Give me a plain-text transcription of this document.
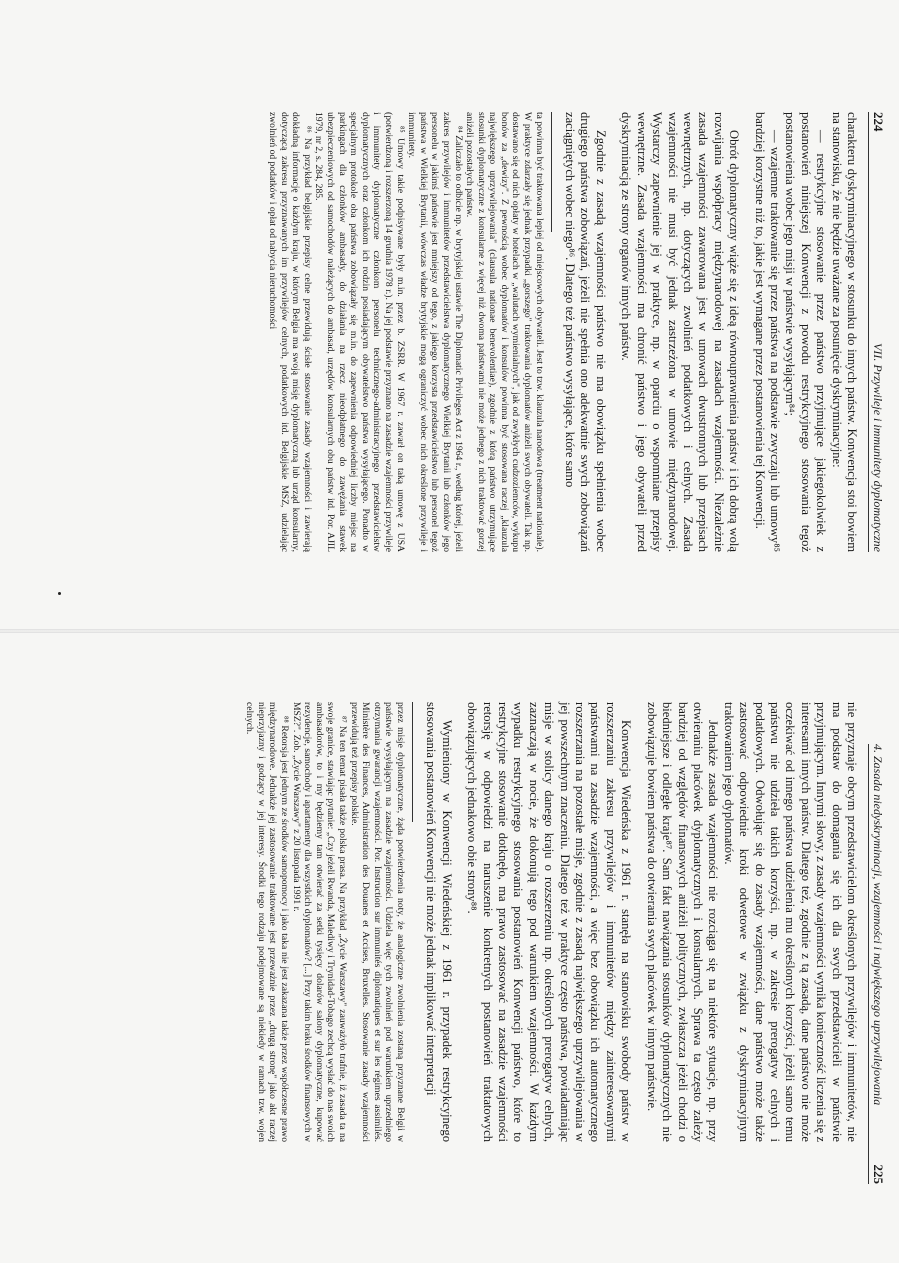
224
VII. Przywileje i immunitety dyplomatyczne

charakteru dyskryminacyjnego w stosunku do innych państw. Konwencja stoi bowiem na stanowisku, że nie będzie uważane za posunięcie dyskryminacyjne:

— restrykcyjne stosowanie przez państwo przyjmujące jakiegokolwiek z postanowień niniejszej Konwencji z powodu restrykcyjnego stosowania tegoż postanowienia wobec jego misji w państwie wysyłającym⁸⁴;

— wzajemne traktowanie się przez państwa na podstawie zwyczaju lub umowy⁸⁵ bardziej korzystne niż to, jakie jest wymagane przez postanowienia tej Konwencji.

Obrót dyplomatyczny wiąże się z ideą równouprawnienia państw i ich dobrą wolą rozwijania współpracy międzynarodowej na zasadach wzajemności. Niezależnie zasada wzajemności zawarowana jest w umowach dwustronnych lub przepisach wewnętrznych, np. dotyczących zwolnień podatkowych i celnych. Zasada wzajemności nie musi być jednak zastrzeżona w umowie międzynarodowej. Wystarczy zapewnienie jej w praktyce, np. w oparciu o wspomniane przepisy wewnętrzne. Zasada wzajemności ma chronić państwo i jego obywateli przed dyskryminacją ze strony organów innych państw.

Zgodnie z zasadą wzajemności państwo nie ma obowiązku spełnienia wobec drugiego państwa zobowiązań, jeżeli nie spełnia ono adekwatnie swych zobowiązań zaciągniętych wobec niego⁸⁶. Dlatego też państwo wysyłające, które samo

ta powinna być traktowana lepiej od miejscowych obywateli. Jest to tzw. klauzula narodowa (treatment nationale). W praktyce zdarzały się jednak przypadki „gorszego" traktowania dyplomatów aniżeli swych obywateli. Tak np. dostawano się od nich opłaty w hotelach w „walutach wymienialnych", jak od zwykłych cudzoziemców, wykupu bonów za „dewizy". Z pewnością wobec dyplomatów i konsulów powinna być stosowana raczej „klauzula największego uprzywilejowania" (clausula nationae benevolentiae), zgodnie z którą państwo utrzymujące stosunki dyplomatyczne z konsularne z więcej niż dwoma państwami nie może jednego z nich traktować gorzej aniżeli pozostałych państw.

⁸⁴ Zaliczało to odbicie np. w brytyjskiej ustawie The Diplomatic Privileges Act z 1964 r., według której, jeżeli zakres przywilejów i immunitetów przedstawicielstwa dyplomatycznego Wielkiej Brytanii lub członków jego personelu w jakimś państwie jest mniejszy od tego, z jakiego korzysta przedstawicielstwo lub personel tegoż państwa w Wielkiej Brytanii, wówczas władze brytyjskie mogą ograniczyć wobec nich określone przywileje i immunitety.

⁸⁵ Umowy takie podpisywane były m.in. przez b. ZSRR. W 1967 r. zawarł on taką umowę z USA (potwierdzoną i rozszerzoną 14 grudnia 1978 r.). Na jej podstawie przyznano na zasadzie wzajemności przywileje i immunitety dyplomatyczne członkom personelu technicznego-administracyjnego przedstawicielstw dyplomatycznych oraz członkom ich rodzin posiadającym obywatelstwo państwa wysyłającego. Ponadto w specjalnym protokole oba państwa zobowiązały się m.in. do zapewnienia odpowiedniej liczby miejsc na parkingach dla członków ambasady, do działania na rzecz nieodpłatnego do zawężania stawek ubezpieczeniowych od samochodów należących do ambasad, urzędów konsularnych obu państw itd. Por. AJIL 1979, nr 2, s. 284, 285.

⁸⁶ Na przykład belgijskie przepisy celne przewidują ścisłe stosowanie zasady wzajemności i zawierają dokładną informację o każdym kraju, w którym Belgia ma swoją misję dyplomatyczną lub urząd konsularny, dotyczącą zakresu przyznawanych im przywilejów celnych, podatkowych itd. Belgijskie MSZ, udzielając zwolnień od podatków i opłat od nabycia nieruchomości

4. Zasada niedyskryminacji, wzajemności i największego uprzywilejowania
225

nie przyznaje obcym przedstawicielom określonych przywilejów i immunitetów, nie ma podstaw do domagania się ich dla swych przedstawicieli w państwie przyjmującym. Innymi słowy, z zasady wzajemności wynika konieczność liczenia się z interesami innych państw. Dlatego też, zgodnie z tą zasadą, dane państwo nie może oczekiwać od innego państwa udzielenia mu określonych korzyści, jeżeli samo temu państwu nie udzieła takich korzyści, np. w zakresie prerogatyw celnych i podatkowych. Odwołując się do zasady wzajemności, dane państwo może także zastosować odpowiednie kroki odwetowe w związku z dyskryminacyjnym traktowaniem jego dyplomatów.

Jednakże zasada wzajemności nie rozciąga się na niektóre sytuacje, np. przy otwieraniu placówek dyplomatycznych i konsularnych. Sprawa ta często zależy bardziej od względów finansowych aniżeli politycznych, zwłaszcza jeżeli chodzi o biedniejsze i odległe kraje⁸⁷. Sam fakt nawiązania stosunków dyplomatycznych nie zobowiązuje bowiem państwa do otwierania swych placówek w innym państwie.

Konwencja Wiedeńska z 1961 r. stanęła na stanowisku swobody państw w rozszerzaniu zakresu przywilejów i immunitetów między zainteresowanymi państwami na zasadzie wzajemności, a więc bez obowiązku ich automatycznego rozszerzania na pozostałe misje, zgodnie z zasadą największego uprzywilejowania w jej powszechnym znaczeniu. Dlatego też w praktyce często państwa, powiadamiając misje w stolicy danego kraju o rozszerzeniu np. określonych prerogatyw celnych, zaznaczają w nocie, że dokonują tego pod warunkiem wzajemności. W każdym wypadku restrykcyjnego stosowania postanowień Konwencji państwo, które to restrykcyjne stosowanie dotknęło, ma prawo zastosować na zasadzie wzajemności retorsję w odpowiedzi na naruszenie konkretnych postanowień traktatowych obowiązujących jednakowo obie strony⁸⁸.

Wymieniony w Konwencji Wiedeńskiej z 1961 r. przypadek restrykcyjnego stosowania postanowień Konwencji nie może jednak implikować interpretacji

przez misje dyplomatyczne, żąda potwierdzenia noty, że analogiczne zwolnienia zostaną przyznane Belgii w państwie wysyłającym na zasadzie wzajemności. Udziela więc tych zwolnień pod warunkiem uprzedniego otrzymania gwarancji wzajemności. Por. Instruction sur immunités diplomatiques et sur les régimes assimilés. Ministère des Finances, Administration des Douanes et Accises, Bruxelles. Stosowanie zasady wzajemności przewidują też przepisy polskie.

⁸⁷ Na ten temat pisała także polska prasa. Na przykład „Życie Warszawy" zauważyło trafnie, iż zasada ta na swoje granice, stawiając pytanie: „Czy jeżeli Rwanda, Malediwy i Trynidad-Tobago zechcą wysłać do nas swoich ambasadorów, to i my będziemy tam otwierać za setki tysięcy dolarów salony dyplomatyczne, kupować rezydencje, samochody i apartamenty dla wszystkich dyplomatów? [...] Przy takim braku środków finansowych w MSZ?". Zob. „Życie Warszawy" z 20 listopada 1991 r.

⁸⁸ Retorsja jest jednym ze środków samopomocy i jako taka nie jest zakazana także przez współczesne prawo międzynarodowe. Jednakże jej zastosowanie traktowane jest przeważnie przez „drugą stronę" jako akt raczej nieprzyjazny i godzący w jej interesy. Środki tego rodzaju podejmowane są niekiedy w ramach tzw. wojen celnych.
